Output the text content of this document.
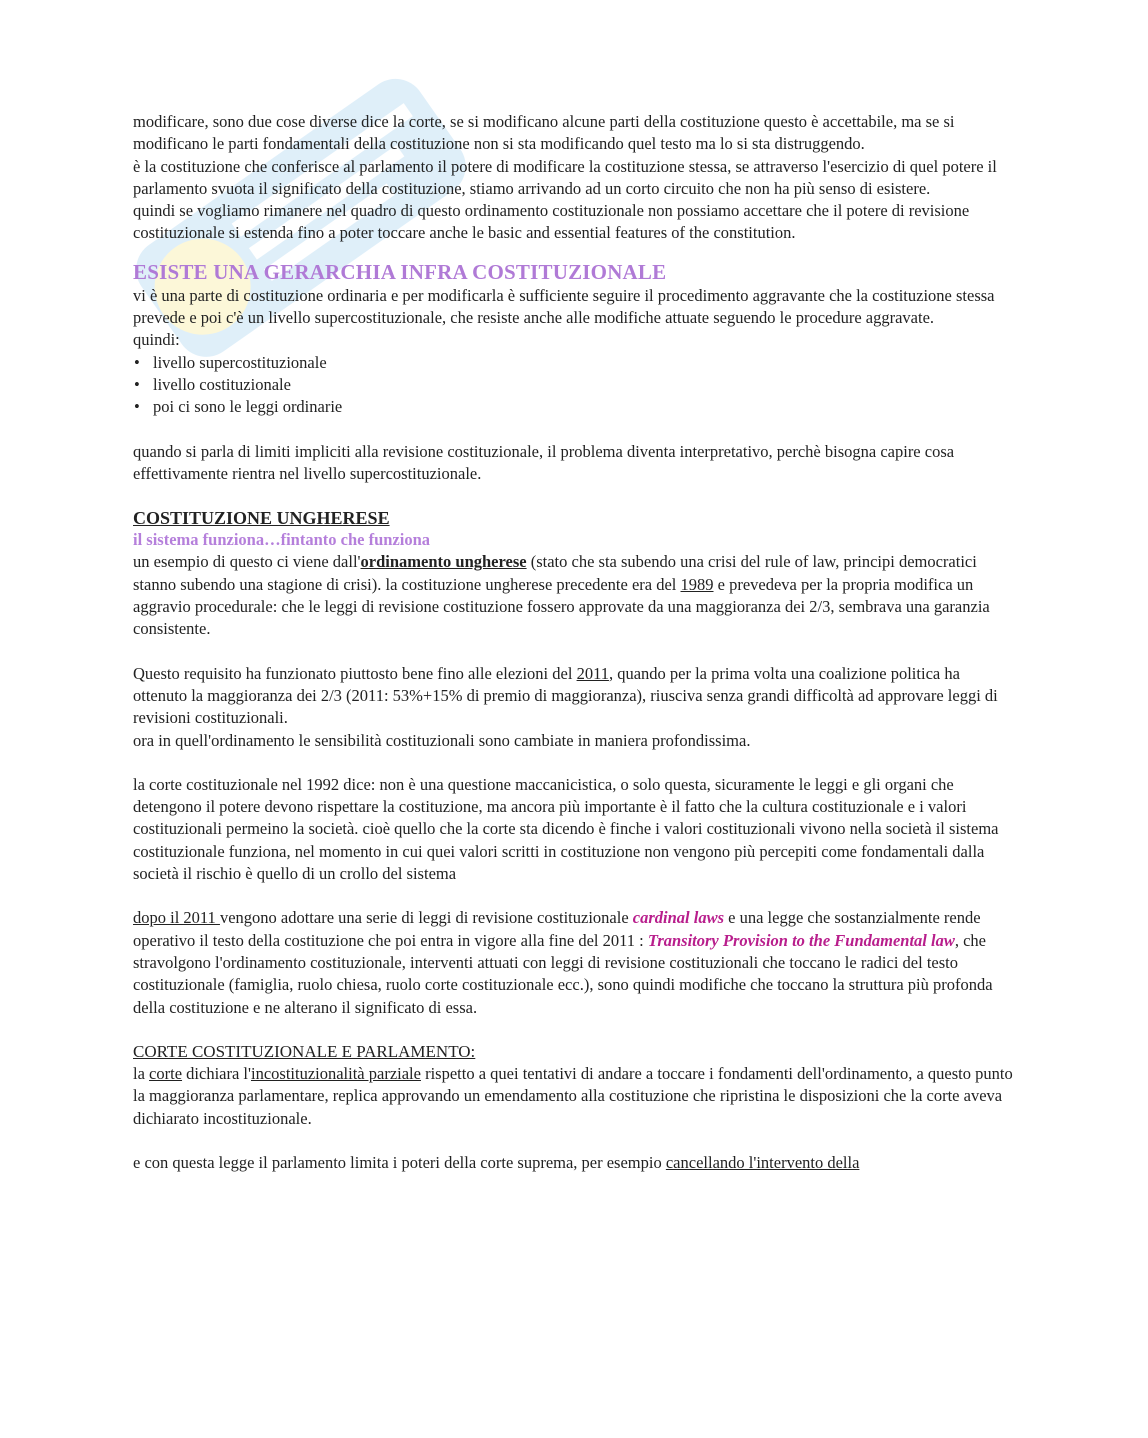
modificare, sono due cose diverse dice la corte, se si modificano alcune parti della costituzione questo è accettabile, ma se si modificano le parti fondamentali della costituzione non si sta modificando quel testo ma lo si sta distruggendo.

è la costituzione che conferisce al parlamento il potere di modificare la costituzione stessa, se attraverso l'esercizio di quel potere il parlamento svuota il significato della costituzione, stiamo arrivando ad un corto circuito che non ha più senso di esistere.

quindi se vogliamo rimanere nel quadro di questo ordinamento costituzionale non possiamo accettare che il potere di revisione costituzionale si estenda fino a poter toccare anche le basic and essential features of the constitution.

ESISTE UNA GERARCHIA INFRA COSTITUZIONALE

vi è una parte di costituzione ordinaria e per modificarla è sufficiente seguire il procedimento aggravante che la costituzione stessa prevede e poi c'è un livello supercostituzionale, che resiste anche alle modifiche attuate seguendo le procedure aggravate.

quindi:

• livello supercostituzionale
• livello costituzionale
• poi ci sono le leggi ordinarie

quando si parla di limiti impliciti alla revisione costituzionale, il problema diventa interpretativo, perchè bisogna capire cosa effettivamente rientra nel livello supercostituzionale.

COSTITUZIONE UNGHERESE

il sistema funziona…fintanto che funziona

un esempio di questo ci viene dall'ordinamento ungherese (stato che sta subendo una crisi del rule of law, principi democratici stanno subendo una stagione di crisi). la costituzione ungherese precedente era del 1989 e prevedeva per la propria modifica un aggravio procedurale: che le leggi di revisione costituzione fossero approvate da una maggioranza dei 2/3, sembrava una garanzia consistente.

Questo requisito ha funzionato piuttosto bene fino alle elezioni del 2011, quando per la prima volta una coalizione politica ha ottenuto la maggioranza dei 2/3 (2011: 53%+15% di premio di maggioranza), riusciva senza grandi difficoltà ad approvare leggi di revisioni costituzionali.

ora in quell'ordinamento le sensibilità costituzionali sono cambiate in maniera profondissima.

la corte costituzionale nel 1992 dice: non è una questione maccanicistica, o solo questa, sicuramente le leggi e gli organi che detengono il potere devono rispettare la costituzione, ma ancora più importante è il fatto che la cultura costituzionale e i valori costituzionali permeino la società. cioè quello che la corte sta dicendo è finche i valori costituzionali vivono nella società il sistema costituzionale funziona, nel momento in cui quei valori scritti in costituzione non vengono più percepiti come fondamentali dalla società il rischio è quello di un crollo del sistema

dopo il 2011 vengono adottare una serie di leggi di revisione costituzionale cardinal laws e una legge che sostanzialmente rende operativo il testo della costituzione che poi entra in vigore alla fine del 2011 : Transitory Provision to the Fundamental law, che stravolgono l'ordinamento costituzionale, interventi attuati con leggi di revisione costituzionali che toccano le radici del testo costituzionale (famiglia, ruolo chiesa, ruolo corte costituzionale ecc.), sono quindi modifiche che toccano la struttura più profonda della costituzione e ne alterano il significato di essa.

CORTE COSTITUZIONALE E PARLAMENTO:

la corte dichiara l'incostituzionalità parziale rispetto a quei tentativi di andare a toccare i fondamenti dell'ordinamento, a questo punto la maggioranza parlamentare, replica approvando un emendamento alla costituzione che ripristina le disposizioni che la corte aveva dichiarato incostituzionale.

e con questa legge il parlamento limita i poteri della corte suprema, per esempio cancellando l'intervento della
